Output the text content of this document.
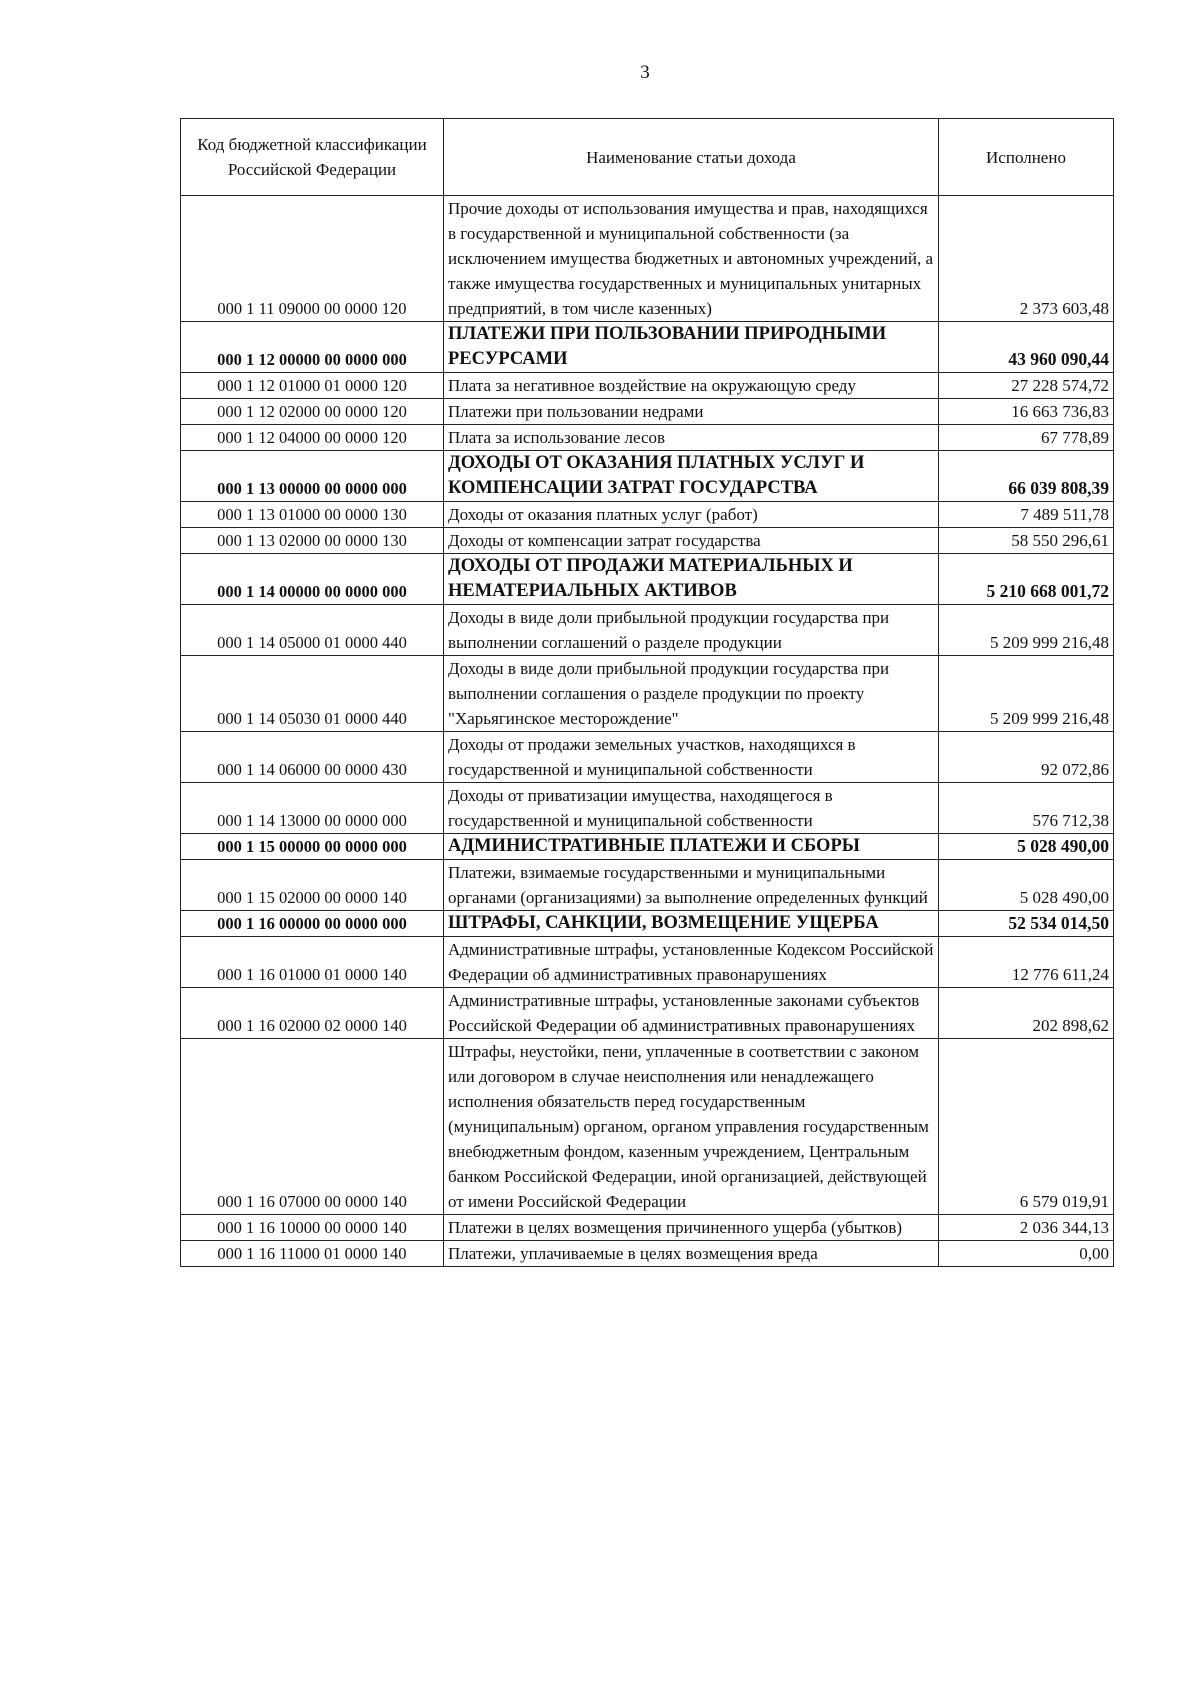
3
Код бюджетной классификации Российской Федерации	Наименование статьи дохода	Исполнено
000 1 11 09000 00 0000 120	Прочие доходы от использования имущества и прав, находящихся в государственной и муниципальной собственности (за исключением имущества бюджетных и автономных учреждений, а также имущества государственных и муниципальных унитарных предприятий, в том числе казенных)	2 373 603,48
000 1 12 00000 00 0000 000	ПЛАТЕЖИ ПРИ ПОЛЬЗОВАНИИ ПРИРОДНЫМИ РЕСУРСАМИ	43 960 090,44
000 1 12 01000 01 0000 120	Плата за негативное воздействие на окружающую среду	27 228 574,72
000 1 12 02000 00 0000 120	Платежи при пользовании недрами	16 663 736,83
000 1 12 04000 00 0000 120	Плата за использование лесов	67 778,89
000 1 13 00000 00 0000 000	ДОХОДЫ ОТ ОКАЗАНИЯ ПЛАТНЫХ УСЛУГ И КОМПЕНСАЦИИ ЗАТРАТ ГОСУДАРСТВА	66 039 808,39
000 1 13 01000 00 0000 130	Доходы от оказания платных услуг (работ)	7 489 511,78
000 1 13 02000 00 0000 130	Доходы от компенсации затрат государства	58 550 296,61
000 1 14 00000 00 0000 000	ДОХОДЫ ОТ ПРОДАЖИ МАТЕРИАЛЬНЫХ И НЕМАТЕРИАЛЬНЫХ АКТИВОВ	5 210 668 001,72
000 1 14 05000 01 0000 440	Доходы в виде доли прибыльной продукции государства при выполнении соглашений о разделе продукции	5 209 999 216,48
000 1 14 05030 01 0000 440	Доходы в виде доли прибыльной продукции государства при выполнении соглашения о разделе продукции по проекту "Харьягинское месторождение"	5 209 999 216,48
000 1 14 06000 00 0000 430	Доходы от продажи земельных участков, находящихся в государственной и муниципальной собственности	92 072,86
000 1 14 13000 00 0000 000	Доходы от приватизации имущества, находящегося в государственной и муниципальной собственности	576 712,38
000 1 15 00000 00 0000 000	АДМИНИСТРАТИВНЫЕ ПЛАТЕЖИ И СБОРЫ	5 028 490,00
000 1 15 02000 00 0000 140	Платежи, взимаемые государственными и муниципальными органами (организациями) за выполнение определенных функций	5 028 490,00
000 1 16 00000 00 0000 000	ШТРАФЫ, САНКЦИИ, ВОЗМЕЩЕНИЕ УЩЕРБА	52 534 014,50
000 1 16 01000 01 0000 140	Административные штрафы, установленные Кодексом Российской Федерации об административных правонарушениях	12 776 611,24
000 1 16 02000 02 0000 140	Административные штрафы, установленные законами субъектов Российской Федерации об административных правонарушениях	202 898,62
000 1 16 07000 00 0000 140	Штрафы, неустойки, пени, уплаченные в соответствии с законом или договором в случае неисполнения или ненадлежащего исполнения обязательств перед государственным (муниципальным) органом, органом управления государственным внебюджетным фондом, казенным учреждением, Центральным банком Российской Федерации, иной организацией, действующей от имени Российской Федерации	6 579 019,91
000 1 16 10000 00 0000 140	Платежи в целях возмещения причиненного ущерба (убытков)	2 036 344,13
000 1 16 11000 01 0000 140	Платежи, уплачиваемые в целях возмещения вреда	0,00
